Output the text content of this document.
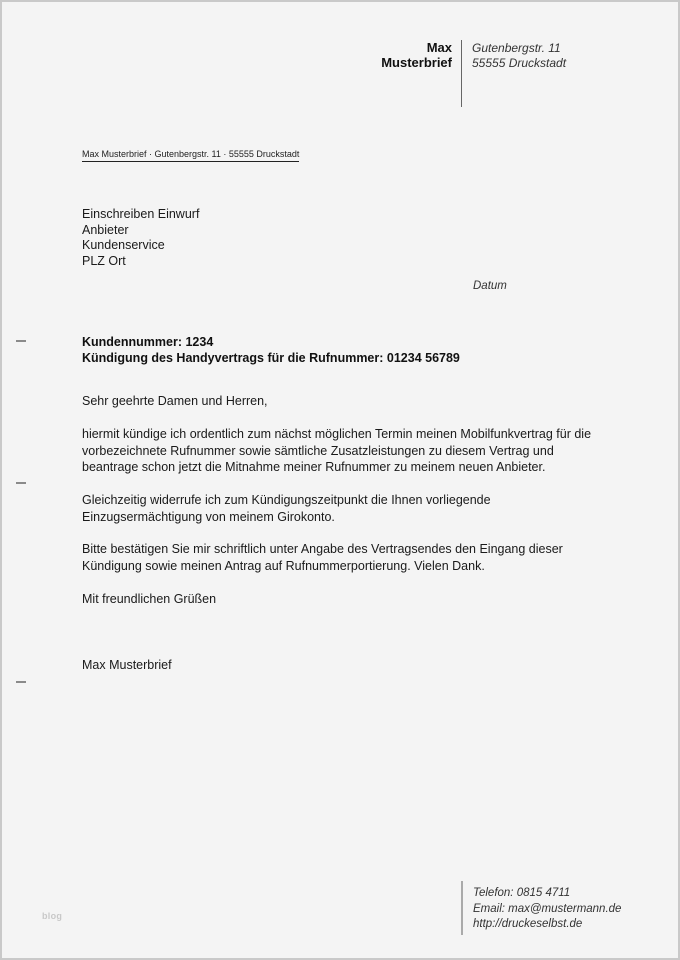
Max
Musterbrief
Gutenbergstr. 11
55555 Druckstadt
Max Musterbrief · Gutenbergstr. 11 · 55555 Druckstadt
Einschreiben Einwurf
Anbieter
Kundenservice
PLZ Ort
Datum
Kundennummer: 1234
Kündigung des Handyvertrags für die Rufnummer: 01234 56789
Sehr geehrte Damen und Herren,
hiermit kündige ich ordentlich zum nächst möglichen Termin meinen Mobilfunkvertrag für die
vorbezeichnete Rufnummer sowie sämtliche Zusatzleistungen zu diesem Vertrag und
beantrage schon jetzt die Mitnahme meiner Rufnummer zu meinem neuen Anbieter.
Gleichzeitig widerrufe ich zum Kündigungszeitpunkt die Ihnen vorliegende
Einzugsermächtigung von meinem Girokonto.
Bitte bestätigen Sie mir schriftlich unter Angabe des Vertragsendes den Eingang dieser
Kündigung sowie meinen Antrag auf Rufnummerportierung. Vielen Dank.
Mit freundlichen Grüßen
Max Musterbrief
Telefon: 0815 4711
Email: max@mustermann.de
http://druckeselbst.de
blog
